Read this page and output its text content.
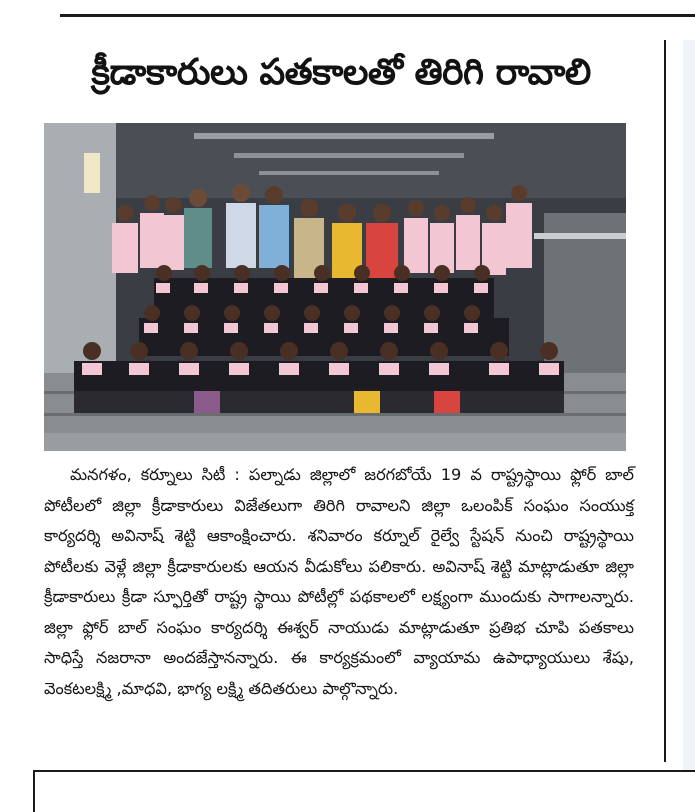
క్రీడాకారులు పతకాలతో తిరిగి రావాలి

మనగళం, కర్నూలు సిటీ : పల్నాడు జిల్లాలో జరగబోయే 19 వ రాష్ట్రస్థాయి ఫ్లోర్ బాల్ పోటీలలో జిల్లా క్రీడాకారులు విజేతలుగా తిరిగి రావాలని జిల్లా ఒలంపిక్ సంఘం సంయుక్త కార్యదర్శి అవినాష్ శెట్టి ఆకాంక్షించారు. శనివారం కర్నూల్ రైల్వే స్టేషన్ నుంచి రాష్ట్రస్థాయి పోటీలకు వెళ్లే జిల్లా క్రీడాకారులకు ఆయన వీడుకోలు పలికారు. అవినాష్ శెట్టి మాట్లాడుతూ జిల్లా క్రీడాకారులు క్రీడా స్ఫూర్తితో రాష్ట్ర స్థాయి పోటీల్లో పథకాలలో లక్ష్యంగా ముందుకు సాగాలన్నారు. జిల్లా ఫ్లోర్ బాల్ సంఘం కార్యదర్శి ఈశ్వర్ నాయుడు మాట్లాడుతూ ప్రతిభ చూపి పతకాలు సాధిస్తే నజరానా అందజేస్తానన్నారు. ఈ కార్యక్రమంలో వ్యాయామ ఉపాధ్యాయులు శేషు, వెంకటలక్ష్మి ,మాధవి, భాగ్య లక్ష్మి తదితరులు పాల్గొన్నారు.
